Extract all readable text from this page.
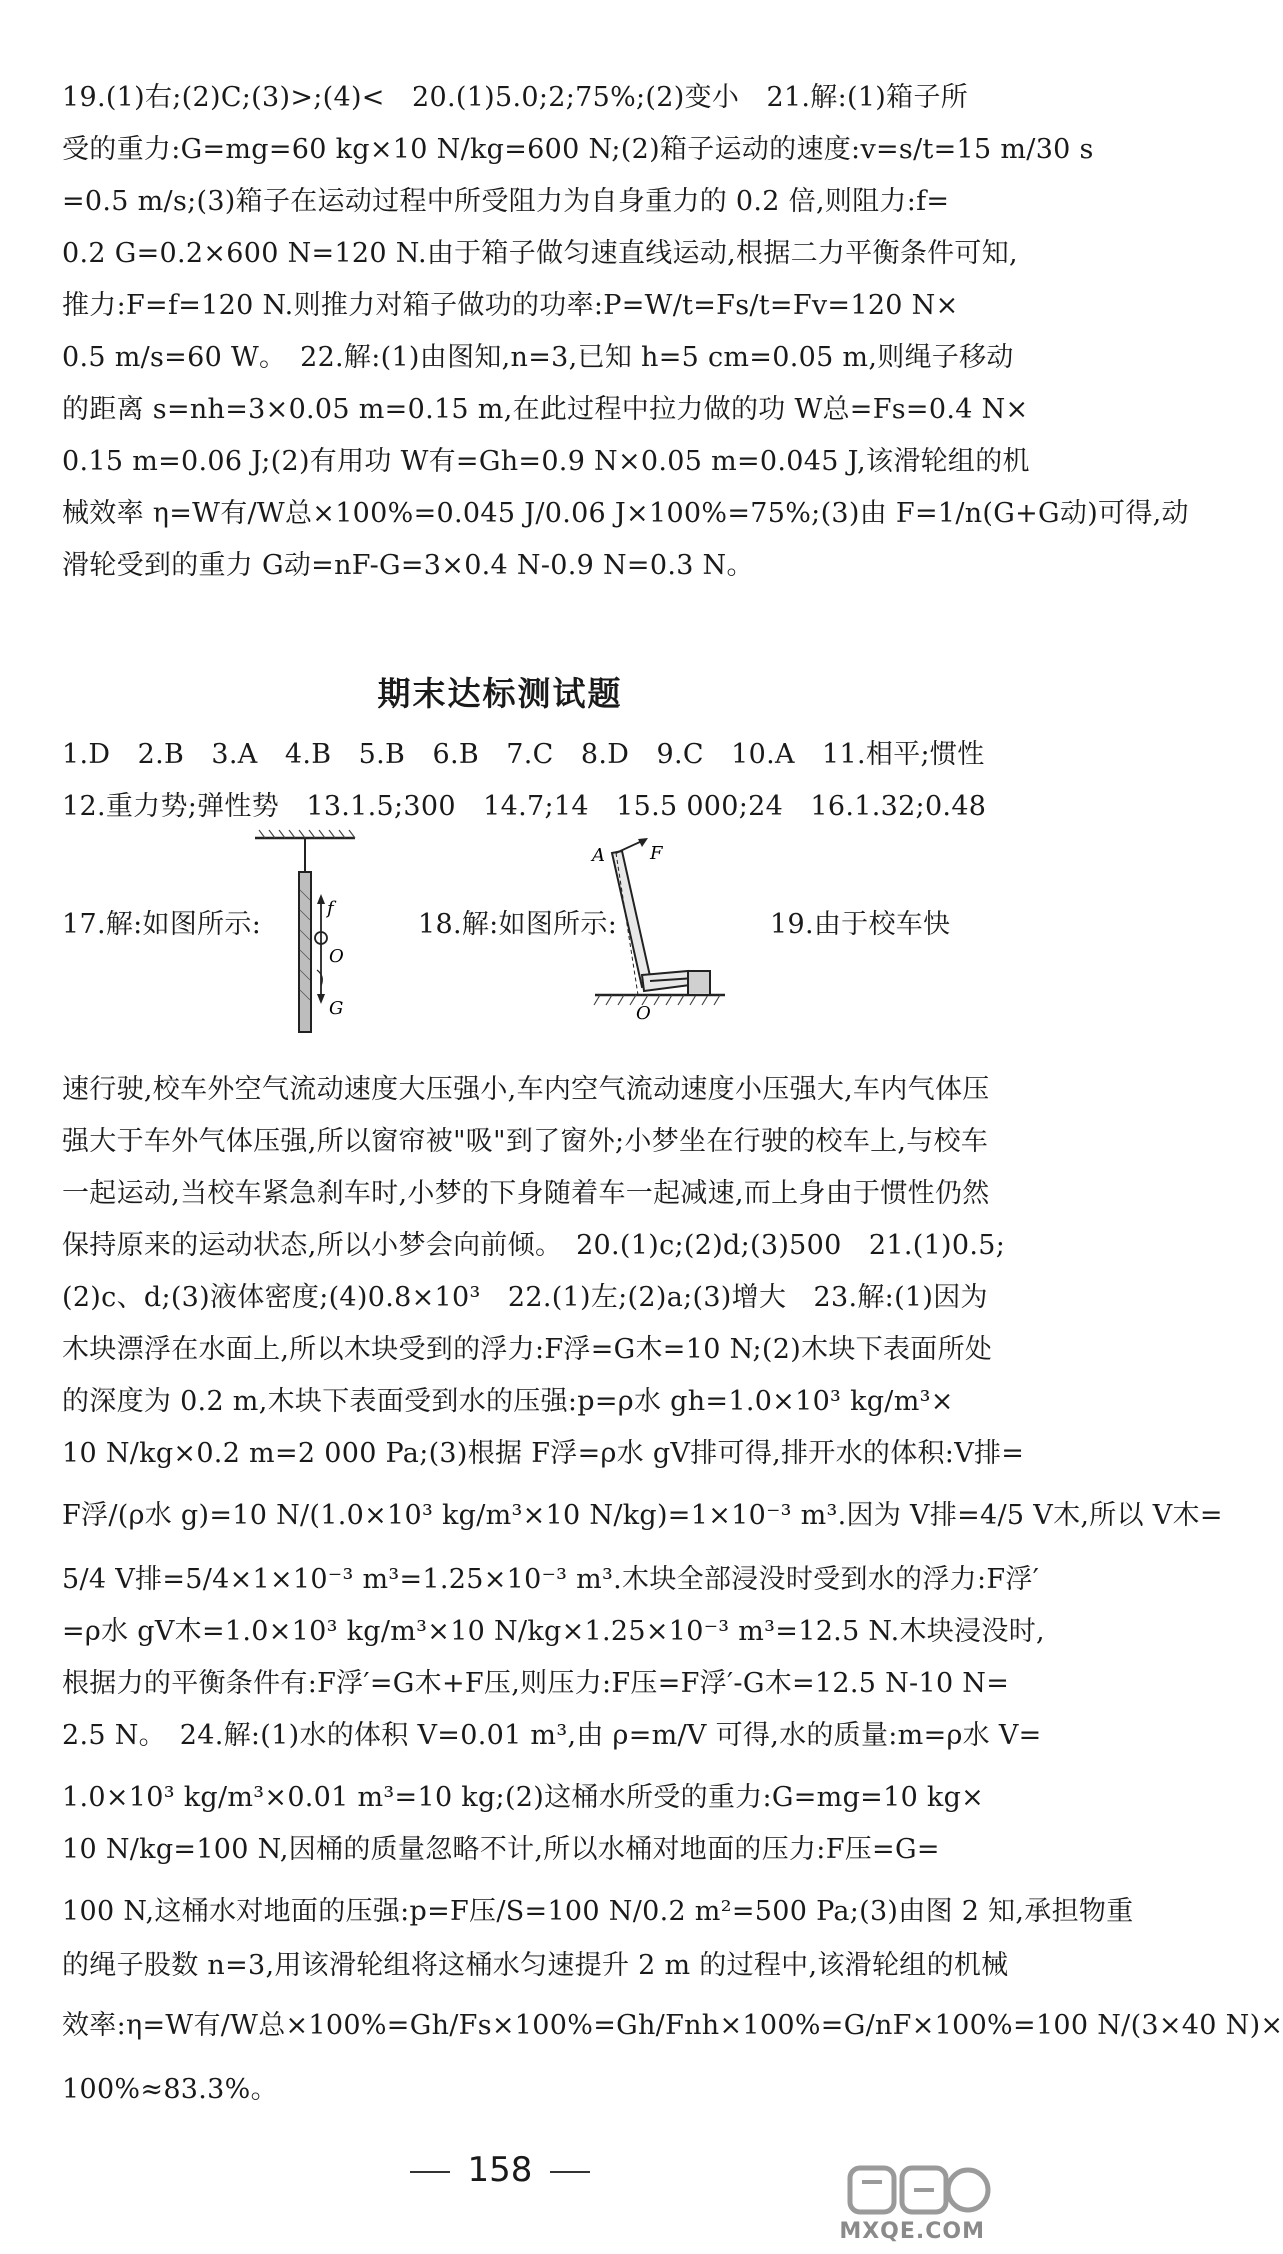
19.(1)右;(2)C;(3)>;(4)<　20.(1)5.0;2;75%;(2)变小　21.解:(1)箱子所
受的重力:G=mg=60 kg×10 N/kg=600 N;(2)箱子运动的速度:v=s/t=15 m/30 s
=0.5 m/s;(3)箱子在运动过程中所受阻力为自身重力的 0.2 倍,则阻力:f=
0.2 G=0.2×600 N=120 N.由于箱子做匀速直线运动,根据二力平衡条件可知,
推力:F=f=120 N.则推力对箱子做功的功率:P=W/t=Fs/t=Fv=120 N×
0.5 m/s=60 W。　22.解:(1)由图知,n=3,已知 h=5 cm=0.05 m,则绳子移动
的距离 s=nh=3×0.05 m=0.15 m,在此过程中拉力做的功 W总=Fs=0.4 N×
0.15 m=0.06 J;(2)有用功 W有=Gh=0.9 N×0.05 m=0.045 J,该滑轮组的机
械效率 η=W有/W总×100%=0.045 J/0.06 J×100%=75%;(3)由 F=1/n(G+G动)可得,动
滑轮受到的重力 G动=nF-G=3×0.4 N-0.9 N=0.3 N。
期末达标测试题
1.D　2.B　3.A　4.B　5.B　6.B　7.C　8.D　9.C　10.A　11.相平;惯性
12.重力势;弹性势　13.1.5;300　14.7;14　15.5 000;24　16.1.32;0.48
17.解:如图所示:	18.解:如图所示:	19.由于校车快
f
O
G
A	F
O
速行驶,校车外空气流动速度大压强小,车内空气流动速度小压强大,车内气体压
强大于车外气体压强,所以窗帘被"吸"到了窗外;小梦坐在行驶的校车上,与校车
一起运动,当校车紧急刹车时,小梦的下身随着车一起减速,而上身由于惯性仍然
保持原来的运动状态,所以小梦会向前倾。　20.(1)c;(2)d;(3)500　21.(1)0.5;
(2)c、d;(3)液体密度;(4)0.8×10³　22.(1)左;(2)a;(3)增大　23.解:(1)因为
木块漂浮在水面上,所以木块受到的浮力:F浮=G木=10 N;(2)木块下表面所处
的深度为 0.2 m,木块下表面受到水的压强:p=ρ水 gh=1.0×10³ kg/m³×
10 N/kg×0.2 m=2 000 Pa;(3)根据 F浮=ρ水 gV排可得,排开水的体积:V排=
F浮/(ρ水 g)=10 N/(1.0×10³ kg/m³×10 N/kg)=1×10⁻³ m³.因为 V排=4/5 V木,所以 V木=
5/4 V排=5/4×1×10⁻³ m³=1.25×10⁻³ m³.木块全部浸没时受到水的浮力:F浮′
=ρ水 gV木=1.0×10³ kg/m³×10 N/kg×1.25×10⁻³ m³=12.5 N.木块浸没时,
根据力的平衡条件有:F浮′=G木+F压,则压力:F压=F浮′-G木=12.5 N-10 N=
2.5 N。　24.解:(1)水的体积 V=0.01 m³,由 ρ=m/V 可得,水的质量:m=ρ水 V=
1.0×10³ kg/m³×0.01 m³=10 kg;(2)这桶水所受的重力:G=mg=10 kg×
10 N/kg=100 N,因桶的质量忽略不计,所以水桶对地面的压力:F压=G=
100 N,这桶水对地面的压强:p=F压/S=100 N/0.2 m²=500 Pa;(3)由图 2 知,承担物重
的绳子股数 n=3,用该滑轮组将这桶水匀速提升 2 m 的过程中,该滑轮组的机械
效率:η=W有/W总×100%=Gh/Fs×100%=Gh/Fnh×100%=G/nF×100%=100 N/(3×40 N)×
100%≈83.3%。
158
MXQE.COM
